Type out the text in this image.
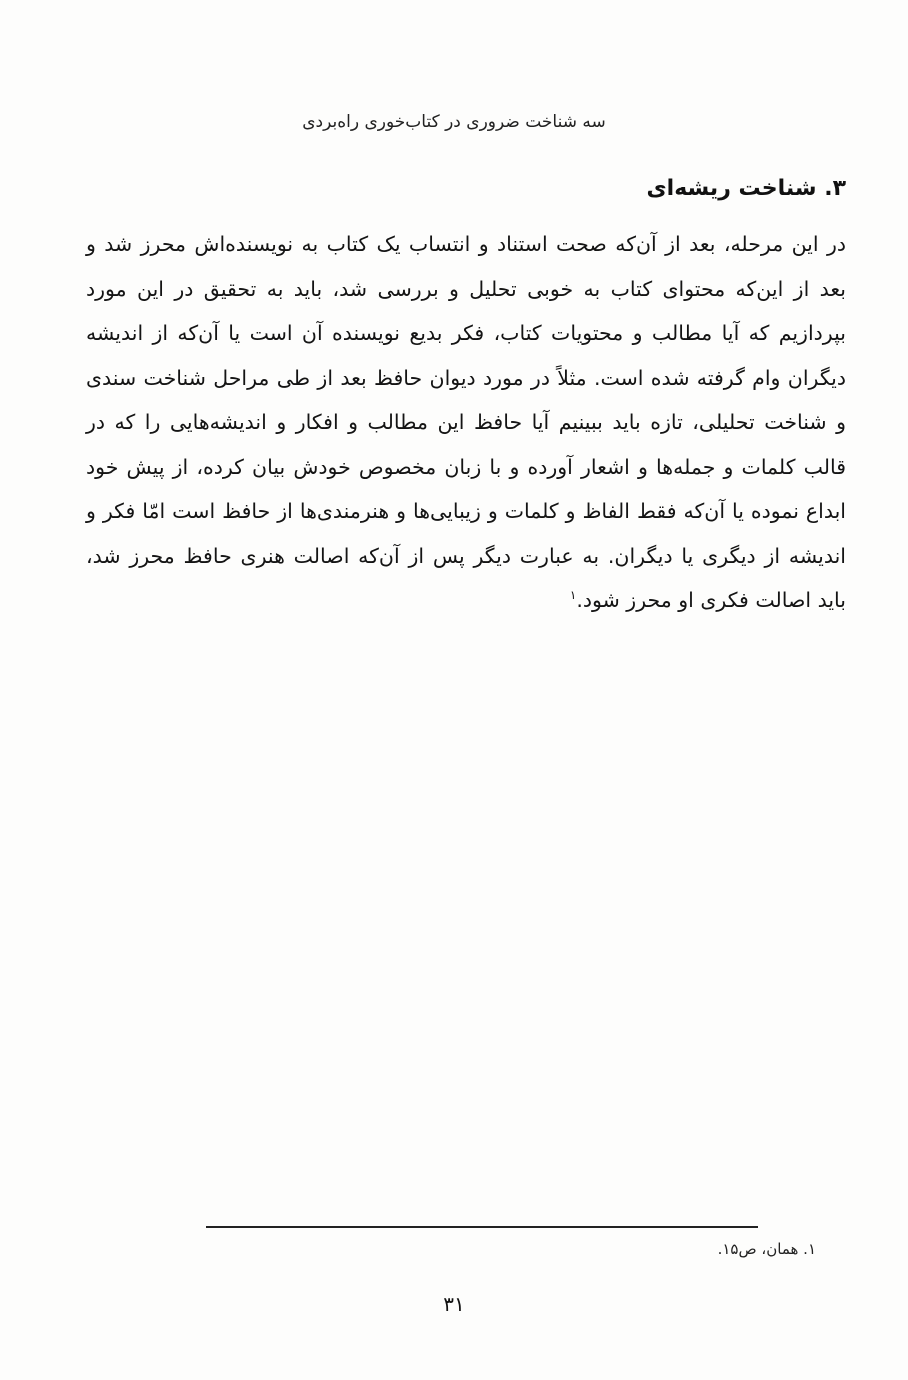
سه شناخت ضروری در کتاب‌خوری راه‌بردی
۳. شناخت ریشه‌ای
در این مرحله، بعد از آن‌که صحت استناد و انتساب یک کتاب به نویسنده‌اش محرز شد و بعد از این‌که محتوای کتاب به خوبی تحلیل و بررسی شد، باید به تحقیق در این مورد بپردازیم که آیا مطالب و محتویات کتاب، فکر بدیع نویسنده آن است یا آن‌که از اندیشه دیگران وام گرفته شده است. مثلاً در مورد دیوان حافظ بعد از طی مراحل شناخت سندی و شناخت تحلیلی، تازه باید ببینیم آیا حافظ این مطالب و افکار و اندیشه‌هایی را که در قالب کلمات و جمله‌ها و اشعار آورده و با زبان مخصوص خودش بیان کرده، از پیش خود ابداع نموده یا آن‌که فقط الفاظ و کلمات و زیبایی‌ها و هنرمندی‌ها از حافظ است امّا فکر و اندیشه از دیگری یا دیگران. به عبارت دیگر پس از آن‌که اصالت هنری حافظ محرز شد، باید اصالت فکری او محرز شود.$^۱$
۱. همان، ص۱۵.
۳۱
